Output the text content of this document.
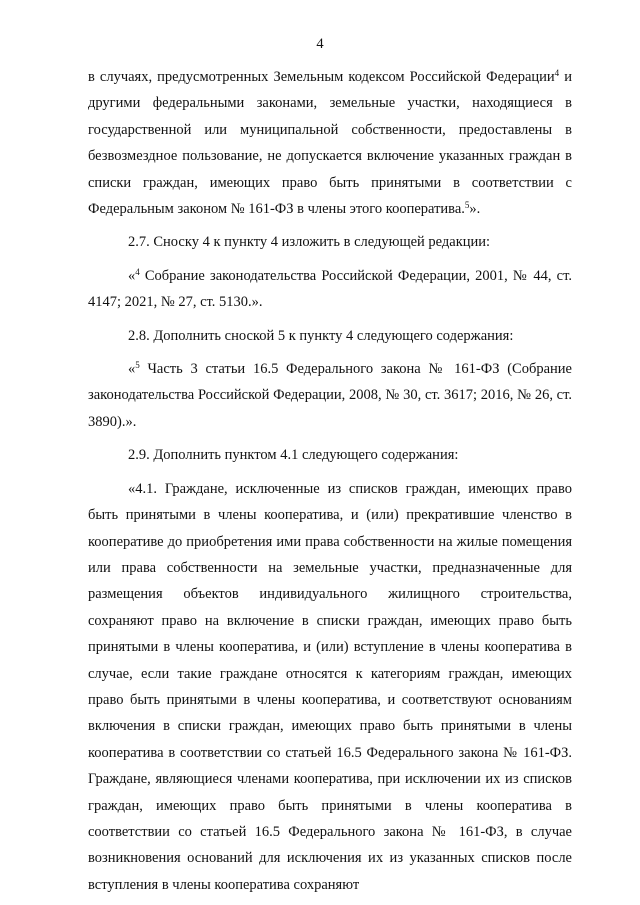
4

в случаях, предусмотренных Земельным кодексом Российской Федерации$^4$ и другими федеральными законами, земельные участки, находящиеся в государственной или муниципальной собственности, предоставлены в безвозмездное пользование, не допускается включение указанных граждан в списки граждан, имеющих право быть принятыми в соответствии с Федеральным законом № 161-ФЗ в члены этого кооператива.$^5$».

2.7. Сноску 4 к пункту 4 изложить в следующей редакции:

«$^4$ Собрание законодательства Российской Федерации, 2001, № 44, ст. 4147; 2021, № 27, ст. 5130.».

2.8. Дополнить сноской 5 к пункту 4 следующего содержания:

«$^5$ Часть 3 статьи 16.5 Федерального закона № 161-ФЗ (Собрание законодательства Российской Федерации, 2008, № 30, ст. 3617; 2016, № 26, ст. 3890).».

2.9. Дополнить пунктом 4.1 следующего содержания:

«4.1. Граждане, исключенные из списков граждан, имеющих право быть принятыми в члены кооператива, и (или) прекратившие членство в кооперативе до приобретения ими права собственности на жилые помещения или права собственности на земельные участки, предназначенные для размещения объектов индивидуального жилищного строительства, сохраняют право на включение в списки граждан, имеющих право быть принятыми в члены кооператива, и (или) вступление в члены кооператива в случае, если такие граждане относятся к категориям граждан, имеющих право быть принятыми в члены кооператива, и соответствуют основаниям включения в списки граждан, имеющих право быть принятыми в члены кооператива в соответствии со статьей 16.5 Федерального закона № 161-ФЗ. Граждане, являющиеся членами кооператива, при исключении их из списков граждан, имеющих право быть принятыми в члены кооператива в соответствии со статьей 16.5 Федерального закона № 161-ФЗ, в случае возникновения оснований для исключения их из указанных списков после вступления в члены кооператива сохраняют
